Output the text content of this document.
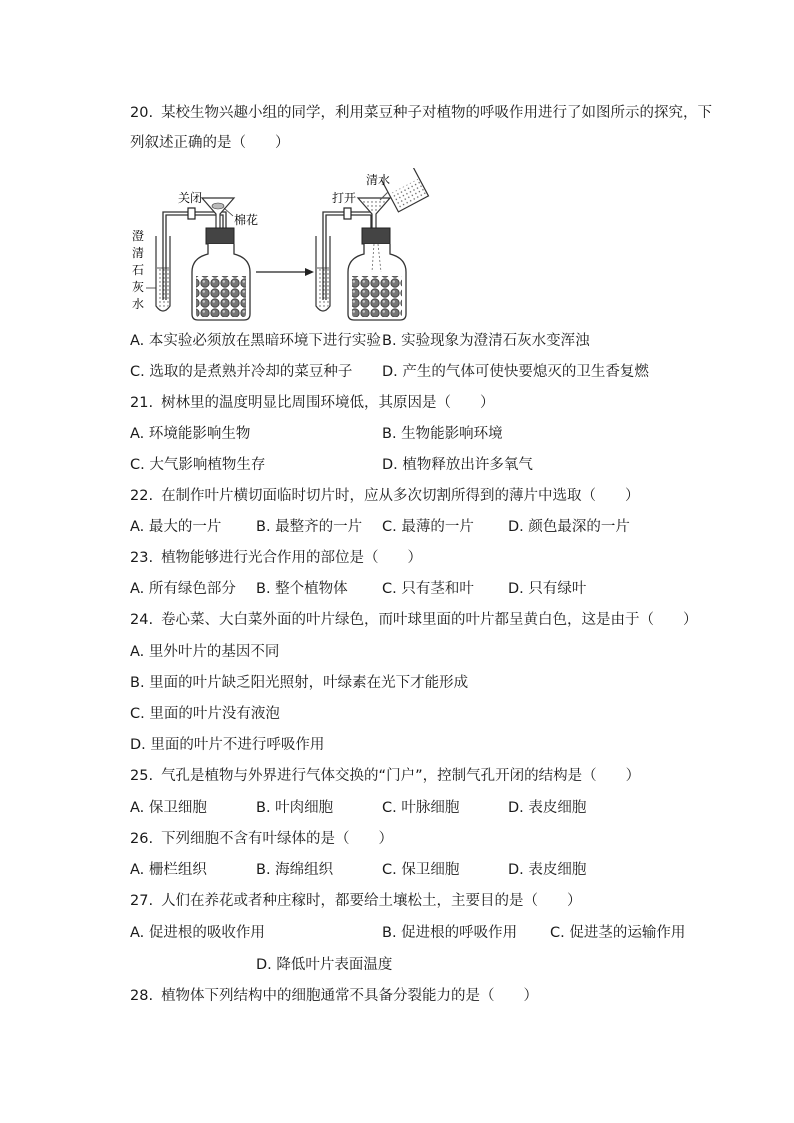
20. 某校生物兴趣小组的同学，利用菜豆种子对植物的呼吸作用进行了如图所示的探究，下
列叙述正确的是（　　）
澄
清
石
灰
水
关闭
棉花
打开
清水
A. 本实验必须放在黑暗环境下进行实验 B. 实验现象为澄清石灰水变浑浊
C. 选取的是煮熟并冷却的菜豆种子 D. 产生的气体可使快要熄灭的卫生香复燃
21. 树林里的温度明显比周围环境低，其原因是（　　）
A. 环境能影响生物	B. 生物能影响环境
C. 大气影响植物生存	D. 植物释放出许多氧气
22. 在制作叶片横切面临时切片时，应从多次切割所得到的薄片中选取（　　）
A. 最大的一片 B. 最整齐的一片 C. 最薄的一片 D. 颜色最深的一片
23. 植物能够进行光合作用的部位是（　　）
A. 所有绿色部分 B. 整个植物体 C. 只有茎和叶 D. 只有绿叶
24. 卷心菜、大白菜外面的叶片绿色，而叶球里面的叶片都呈黄白色，这是由于（　　）
A. 里外叶片的基因不同
B. 里面的叶片缺乏阳光照射，叶绿素在光下才能形成
C. 里面的叶片没有液泡
D. 里面的叶片不进行呼吸作用
25. 气孔是植物与外界进行气体交换的“门户”，控制气孔开闭的结构是（　　）
A. 保卫细胞	B. 叶肉细胞	C. 叶脉细胞	D. 表皮细胞
26. 下列细胞不含有叶绿体的是（　　）
A. 栅栏组织	B. 海绵组织	C. 保卫细胞	D. 表皮细胞
27. 人们在养花或者种庄稼时，都要给土壤松土，主要目的是（　　）
A. 促进根的吸收作用	B. 促进根的呼吸作用 C. 促进茎的运输作用
D. 降低叶片表面温度
28. 植物体下列结构中的细胞通常不具备分裂能力的是（　　）
